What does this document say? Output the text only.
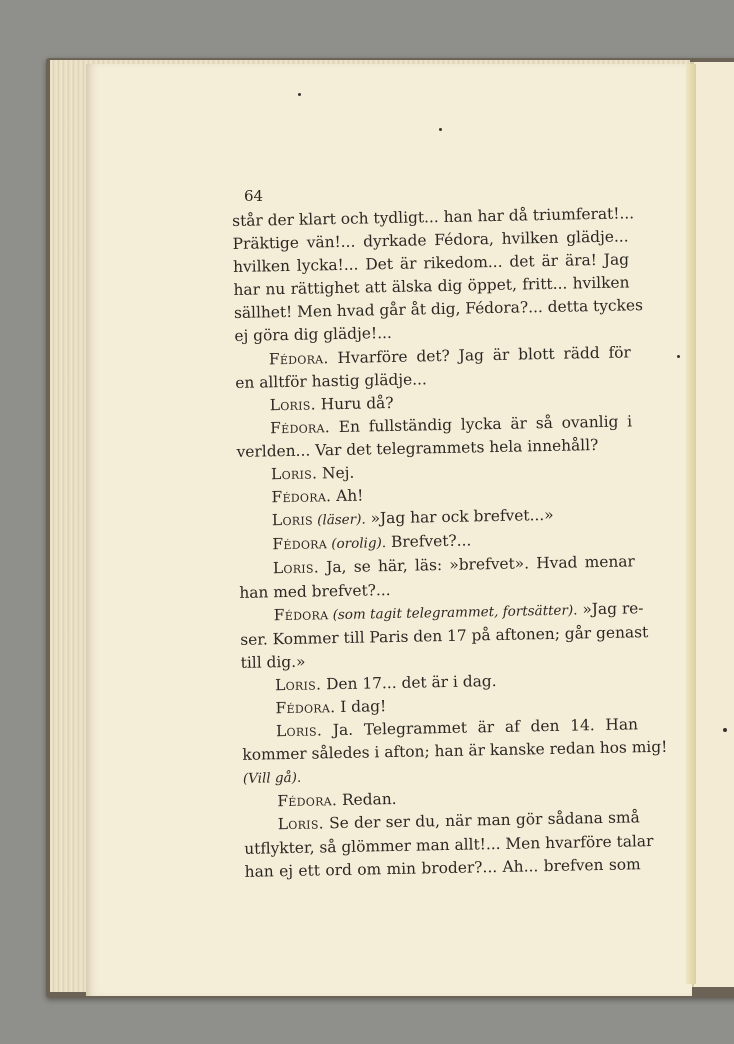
64
står der klart och tydligt... han har då triumferat!...
Präktige vän!... dyrkade Fédora, hvilken glädje...
hvilken lycka!... Det är rikedom... det är ära! Jag
har nu rättighet att älska dig öppet, fritt... hvilken
sällhet! Men hvad går åt dig, Fédora?... detta tyckes
ej göra dig glädje!...
Fédora. Hvarföre det? Jag är blott rädd för
en alltför hastig glädje...
Loris. Huru då?
Fédora. En fullständig lycka är så ovanlig i
verlden... Var det telegrammets hela innehåll?
Loris. Nej.
Fédora. Ah!
Loris (läser). »Jag har ock brefvet...»
Fédora (orolig). Brefvet?...
Loris. Ja, se här, läs: »brefvet». Hvad menar
han med brefvet?...
Fédora (som tagit telegrammet, fortsätter). »Jag re-
ser. Kommer till Paris den 17 på aftonen; går genast
till dig.»
Loris. Den 17... det är i dag.
Fédora. I dag!
Loris. Ja. Telegrammet är af den 14. Han
kommer således i afton; han är kanske redan hos mig!
(Vill gå).
Fédora. Redan.
Loris. Se der ser du, när man gör sådana små
utflykter, så glömmer man allt!... Men hvarföre talar
han ej ett ord om min broder?... Ah... brefven som
